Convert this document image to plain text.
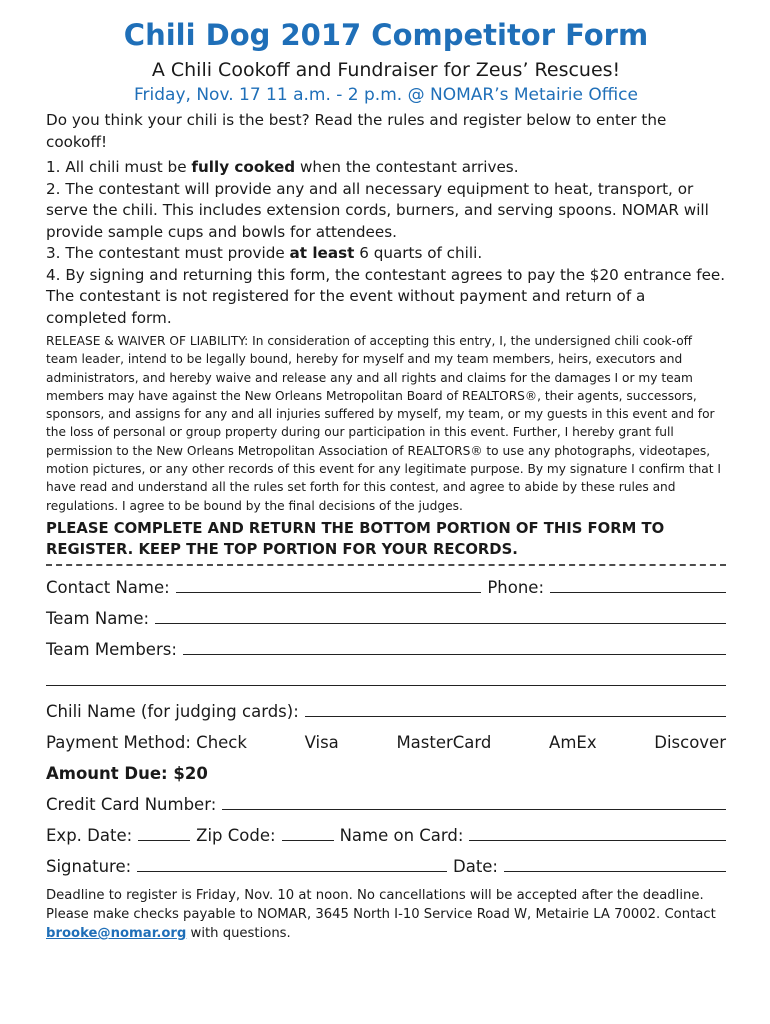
Chili Dog 2017 Competitor Form

A Chili Cookoff and Fundraiser for Zeus’ Rescues!

Friday, Nov. 17 11 a.m. - 2 p.m. @ NOMAR’s Metairie Office

Do you think your chili is the best? Read the rules and register below to enter the cookoff!

1. All chili must be fully cooked when the contestant arrives.
2. The contestant will provide any and all necessary equipment to heat, transport, or serve the chili. This includes extension cords, burners, and serving spoons. NOMAR will provide sample cups and bowls for attendees.
3. The contestant must provide at least 6 quarts of chili.
4. By signing and returning this form, the contestant agrees to pay the $20 entrance fee. The contestant is not registered for the event without payment and return of a completed form.

RELEASE & WAIVER OF LIABILITY: In consideration of accepting this entry, I, the undersigned chili cook-off team leader, intend to be legally bound, hereby for myself and my team members, heirs, executors and administrators, and hereby waive and release any and all rights and claims for the damages I or my team members may have against the New Orleans Metropolitan Board of REALTORS®, their agents, successors, sponsors, and assigns for any and all injuries suffered by myself, my team, or my guests in this event and for the loss of personal or group property during our participation in this event. Further, I hereby grant full permission to the New Orleans Metropolitan Association of REALTORS® to use any photographs, videotapes, motion pictures, or any other records of this event for any legitimate purpose. By my signature I confirm that I have read and understand all the rules set forth for this contest, and agree to abide by these rules and regulations. I agree to be bound by the final decisions of the judges.

PLEASE COMPLETE AND RETURN THE BOTTOM PORTION OF THIS FORM TO REGISTER. KEEP THE TOP PORTION FOR YOUR RECORDS.

Contact Name:	Phone:
Team Name:
Team Members:
Chili Name (for judging cards):
Payment Method: Check	Visa	MasterCard	AmEx	Discover
Amount Due: $20
Credit Card Number:
Exp. Date:	Zip Code:	Name on Card:
Signature:	Date:

Deadline to register is Friday, Nov. 10 at noon. No cancellations will be accepted after the deadline. Please make checks payable to NOMAR, 3645 North I-10 Service Road W, Metairie LA 70002. Contact brooke@nomar.org with questions.
